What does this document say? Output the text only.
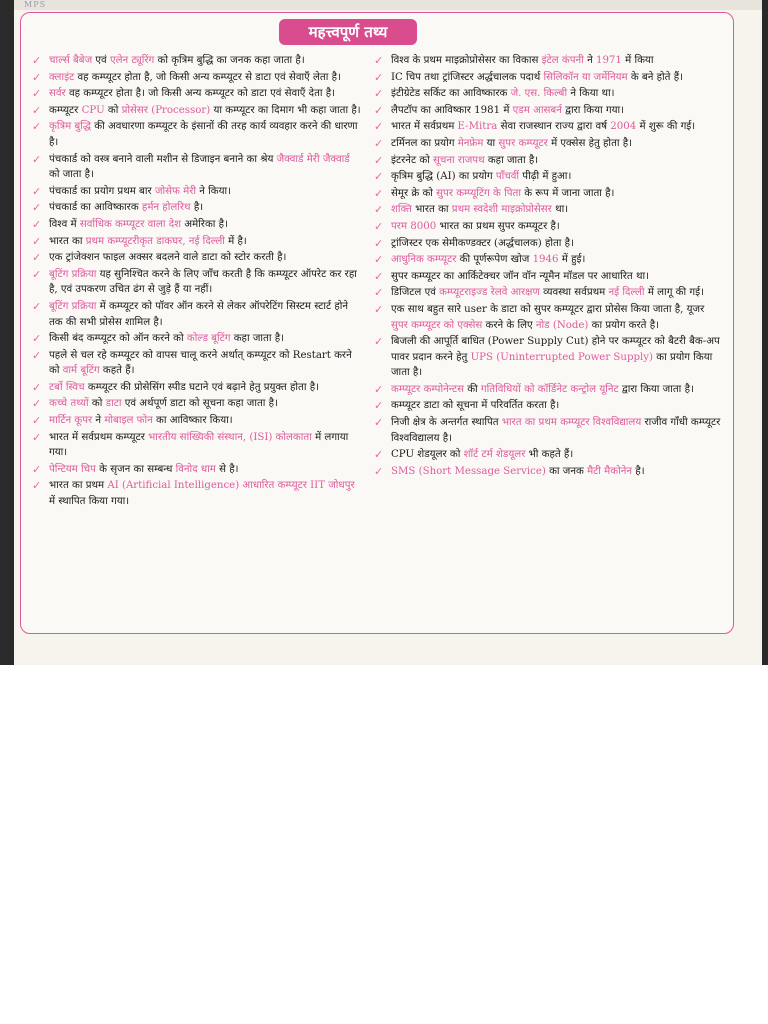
MPS
महत्त्वपूर्ण तथ्य
✓ चार्ल्स बैबेज एवं एलेन ट्यूरिंग को कृत्रिम बुद्धि का जनक कहा जाता है।
✓ क्लाइंट वह कम्प्यूटर होता है, जो किसी अन्य कम्प्यूटर से डाटा एवं सेवाएँ लेता है।
✓ सर्वर वह कम्प्यूटर होता है। जो किसी अन्य कम्प्यूटर को डाटा एवं सेवाएँ देता है।
✓ कम्प्यूटर CPU को प्रोसेसर (Processor) या कम्प्यूटर का दिमाग भी कहा जाता है।
✓ कृत्रिम बुद्धि की अवधारणा कम्प्यूटर के इंसानों की तरह कार्य व्यवहार करने की धारणा है।
✓ पंचकार्ड को वस्त्र बनाने वाली मशीन से डिजाइन बनाने का श्रेय जैक्वार्ड मेरी जैक्वार्ड को जाता है।
✓ पंचकार्ड का प्रयोग प्रथम बार जोसेफ मेरी ने किया।
✓ पंचकार्ड का आविष्कारक हर्मन होलरिथ है।
✓ विश्व में सर्वाधिक कम्प्यूटर वाला देश अमेरिका है।
✓ भारत का प्रथम कम्प्यूटरीकृत डाकघर, नई दिल्ली में है।
✓ एक ट्रांजेक्शन फाइल अक्सर बदलने वाले डाटा को स्टोर करती है।
✓ बूटिंग प्रक्रिया यह सुनिश्चित करने के लिए जाँच करती है कि कम्प्यूटर ऑपरेट कर रहा है, एवं उपकरण उचित ढंग से जुड़े हैं या नहीं।
✓ बूटिंग प्रक्रिया में कम्प्यूटर को पॉवर ऑन करने से लेकर ऑपरेटिंग सिस्टम स्टार्ट होने तक की सभी प्रोसेस शामिल है।
✓ किसी बंद कम्प्यूटर को ऑन करने को कोल्ड बूटिंग कहा जाता है।
✓ पहले से चल रहे कम्प्यूटर को वापस चालू करने अर्थात् कम्प्यूटर को Restart करने को वार्म बूटिंग कहते हैं।
✓ टर्बो स्विच कम्प्यूटर की प्रोसेसिंग स्पीड घटाने एवं बढ़ाने हेतु प्रयुक्त होता है।
✓ कच्चे तथ्यों को डाटा एवं अर्थपूर्ण डाटा को सूचना कहा जाता है।
✓ मार्टिन कूपर ने मोबाइल फोन का आविष्कार किया।
✓ भारत में सर्वप्रथम कम्प्यूटर भारतीय सांख्यिकी संस्थान, (ISI) कोलकाता में लगाया गया।
✓ पेन्टियम चिप के सृजन का सम्बन्ध विनोद धाम से है।
✓ भारत का प्रथम AI (Artificial Intelligence) आधारित कम्प्यूटर IIT जोधपुर में स्थापित किया गया।
✓ विश्व के प्रथम माइक्रोप्रोसेसर का विकास इंटेल कंपनी ने 1971 में किया
✓ IC चिप तथा ट्रांजिस्टर अर्द्धचालक पदार्थ सिलिकॉन या जर्मेनियम के बने होते हैं।
✓ इंटीग्रेटेड सर्किट का आविष्कारक जे. एस. किल्बी ने किया था।
✓ लैपटॉप का आविष्कार 1981 में एडम आसबर्न द्वारा किया गया।
✓ भारत में सर्वप्रथम E-Mitra सेवा राजस्थान राज्य द्वारा वर्ष 2004 में शुरू की गई।
✓ टर्मिनल का प्रयोग मेनफ्रेम या सुपर कम्प्यूटर में एक्सेस हेतु होता है।
✓ इंटरनेट को सूचना राजपथ कहा जाता है।
✓ कृत्रिम बुद्धि (AI) का प्रयोग पाँचवीं पीढ़ी में हुआ।
✓ सेमूर क्रे को सुपर कम्प्यूटिंग के पिता के रूप में जाना जाता है।
✓ शक्ति भारत का प्रथम स्वदेशी माइक्रोप्रोसेसर था।
✓ परम 8000 भारत का प्रथम सुपर कम्प्यूटर है।
✓ ट्रांजिस्टर एक सेमीकण्डक्टर (अर्द्धचालक) होता है।
✓ आधुनिक कम्प्यूटर की पूर्णरूपेण खोज 1946 में हुई।
✓ सुपर कम्प्यूटर का आर्किटेक्चर जॉन वॉन न्यूमैन मॉडल पर आधारित था।
✓ डिजिटल एवं कम्प्यूटराइज्ड रेलवे आरक्षण व्यवस्था सर्वप्रथम नई दिल्ली में लागू की गई।
✓ एक साथ बहुत सारे user के डाटा को सुपर कम्प्यूटर द्वारा प्रोसेस किया जाता है, यूजर सुपर कम्प्यूटर को एक्सेस करने के लिए नोड (Node) का प्रयोग करते है।
✓ बिजली की आपूर्ति बाधित (Power Supply Cut) होने पर कम्प्यूटर को बैटरी बैक-अप पावर प्रदान करने हेतु UPS (Uninterrupted Power Supply) का प्रयोग किया जाता है।
✓ कम्प्यूटर कम्पोनेन्टस की गतिविधियों को कॉर्डिनेट कन्ट्रोल यूनिट द्वारा किया जाता है।
✓ कम्प्यूटर डाटा को सूचना में परिवर्तित करता है।
✓ निजी क्षेत्र के अन्तर्गत स्थापित भारत का प्रथम कम्प्यूटर विश्वविद्यालय राजीव गाँधी कम्प्यूटर विश्वविद्यालय है।
✓ CPU शेडयूलर को शॉर्ट टर्म शेडयूलर भी कहते हैं।
✓ SMS (Short Message Service) का जनक मैटी मैकोनेन है।
